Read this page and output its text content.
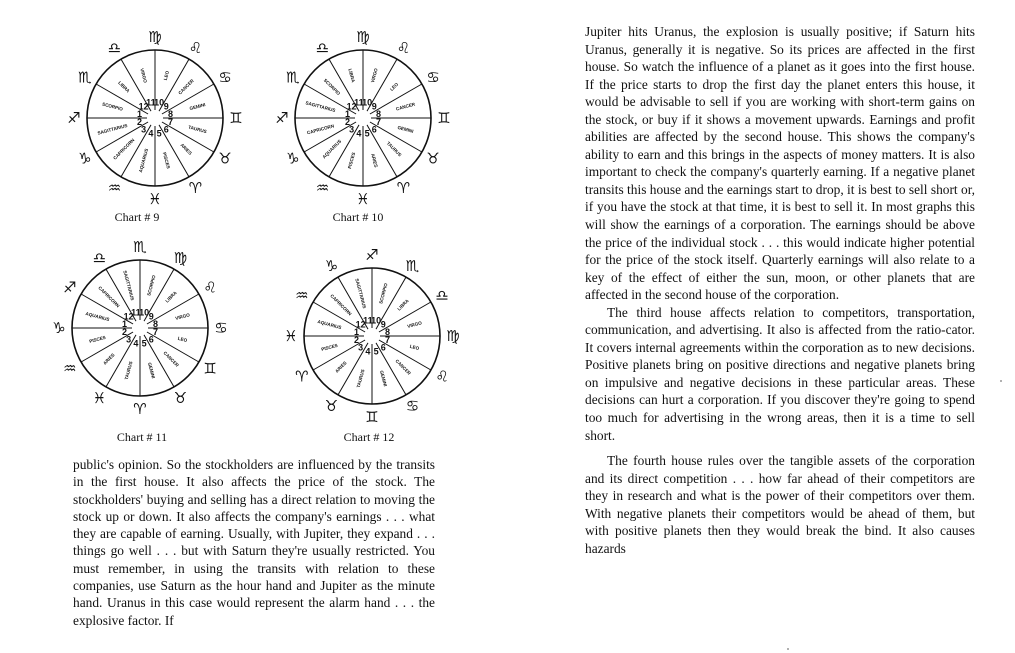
10
LEO
9
CANCER
8
GEMINI
7
TAURUS
6
ARIES
5
PISCES
4
AQUARIUS
3
CAPRICORN
2
SAGITTARIUS
1
SCORPIO 12
LIBRA
11
VIRGO
♍
♌
♋
♊
♉
♈
♓
♒
♑
♐
♏
♎
Chart # 9
10
VIRGO
9
LEO
8
CANCER
7
GEMINI
6
TAURUS
5
ARIES
4
PISCES
3
AQUARIUS
2
CAPRICORN
1
SAGITTARIUS 12
SCORPIO
11
LIBRA
♍
♌
♋
♊
♉
♈
♓
♒
♑
♐
♏
♎
Chart # 10
10
SCORPIO
9
LIBRA
8
VIRGO
7
LEO
6
CANCER
5
GEMINI
4
TAURUS
3
ARIES
2
PISCES
1
AQUARIUS 12
CAPRICORN
11
SAGITTARIUS
♏
♍
♌
♋
♊
♉
♈
♓
♒
♑
♐
♎
Chart # 11
10
SCORPIO
9
LIBRA
8
VIRGO
7
LEO
6
CANCER
5
GEMINI
4
TAURUS
3
ARIES
2
PISCES
1
AQUARIUS 12
CAPRICORN
11
SAGITTARIUS
♐
♏
♎
♍
♌
♋
♊
♉
♈
♓
♒
♑
Chart # 12

public's opinion. So the stockholders are influenced by the transits in the first house. It also affects the price of the stock. The stockholders' buying and selling has a direct relation to moving the stock up or down. It also affects the company's earnings . . . what they are capable of earning. Usually, with Jupiter, they expand . . . things go well . . . but with Saturn they're usually restricted. You must remember, in using the transits with relation to these companies, use Saturn as the hour hand and Jupiter as the minute hand. Uranus in this case would represent the alarm hand . . . the explosive factor. If

Jupiter hits Uranus, the explosion is usually positive; if Saturn hits Uranus, generally it is negative. So its prices are affected in the first house. So watch the influence of a planet as it goes into the first house. If the price starts to drop the first day the planet enters this house, it would be advisable to sell if you are working with short-term gains on the stock, or buy if it shows a movement upwards. Earnings and profit abilities are affected by the second house. This shows the company's ability to earn and this brings in the aspects of money matters. It is also important to check the company's quarterly earning. If a negative planet transits this house and the earnings start to drop, it is best to sell short or, if you have the stock at that time, it is best to sell it. In most graphs this will show the earnings of a corporation. The earnings should be above the price of the individual stock . . . this would indicate higher potential for the price of the stock itself. Quarterly earnings will also relate to a key of the effect of either the sun, moon, or other planets that are affected in the second house of the corporation.

The third house affects relation to competitors, transportation, communication, and advertising. It also is affected from the ratio-cator. It covers internal agreements within the corporation as to new decisions. Positive planets bring on positive directions and negative planets bring on impulsive and negative decisions in these particular areas. These decisions can hurt a corporation. If you discover they're going to spend too much for advertising in the wrong areas, then it is a time to sell short.

The fourth house rules over the tangible assets of the corporation and its direct competition . . . how far ahead of their competitors are they in research and what is the power of their competitors over them. With negative planets their competitors would be ahead of them, but with positive planets then they would break the bind. It also causes hazards
